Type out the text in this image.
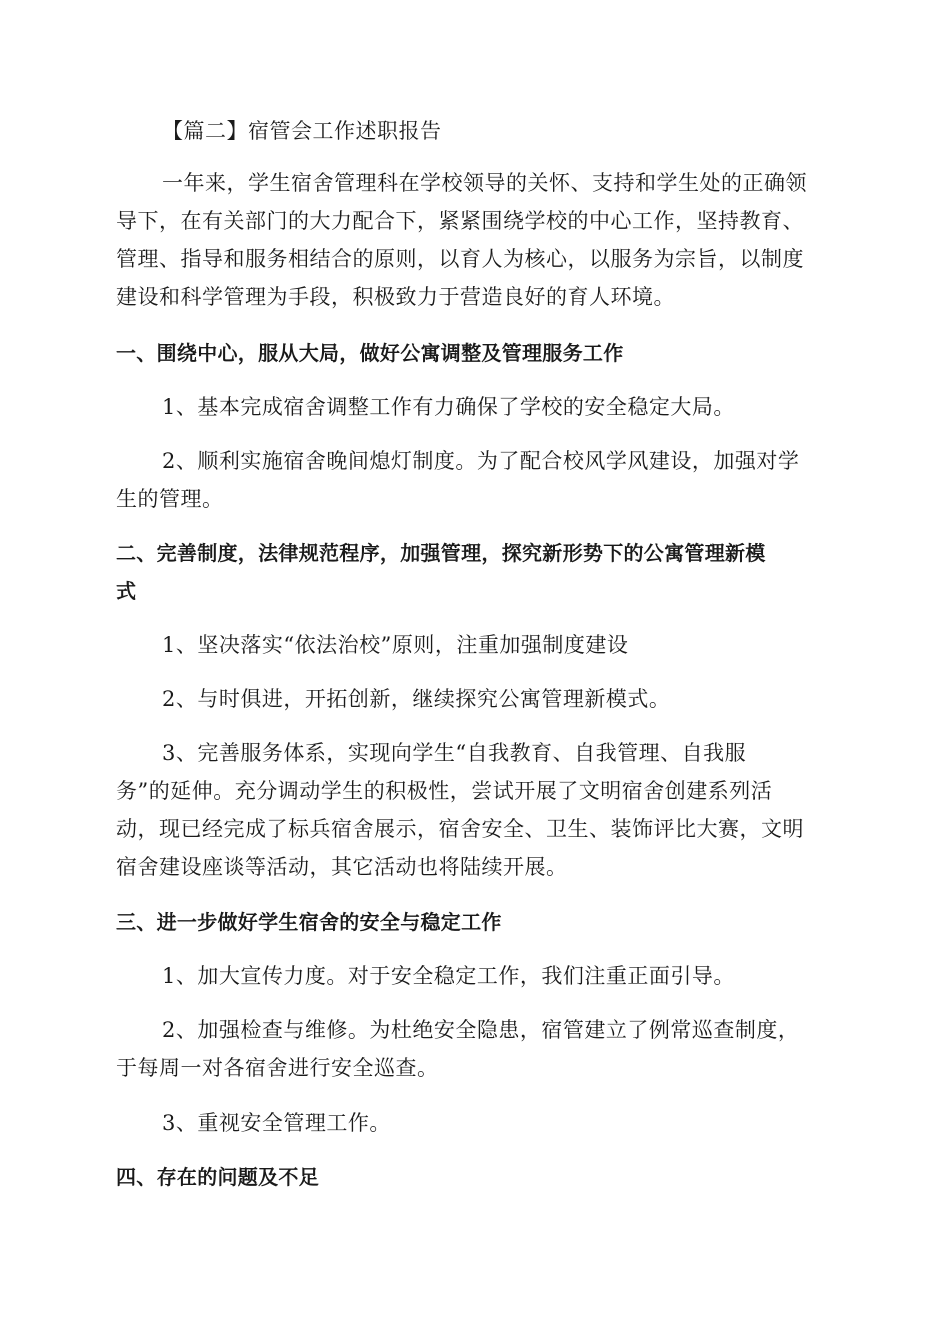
【篇二】宿管会工作述职报告

一年来，学生宿舍管理科在学校领导的关怀、支持和学生处的正确领
导下，在有关部门的大力配合下，紧紧围绕学校的中心工作，坚持教育、
管理、指导和服务相结合的原则，以育人为核心，以服务为宗旨，以制度
建设和科学管理为手段，积极致力于营造良好的育人环境。

一、围绕中心，服从大局，做好公寓调整及管理服务工作

1、基本完成宿舍调整工作有力确保了学校的安全稳定大局。

2、顺利实施宿舍晚间熄灯制度。为了配合校风学风建设，加强对学
生的管理。

二、完善制度，法律规范程序，加强管理，探究新形势下的公寓管理新模
式

1、坚决落实“依法治校”原则，注重加强制度建设

2、与时俱进，开拓创新，继续探究公寓管理新模式。

3、完善服务体系，实现向学生“自我教育、自我管理、自我服
务”的延伸。充分调动学生的积极性，尝试开展了文明宿舍创建系列活
动，现已经完成了标兵宿舍展示，宿舍安全、卫生、装饰评比大赛，文明
宿舍建设座谈等活动，其它活动也将陆续开展。

三、进一步做好学生宿舍的安全与稳定工作

1、加大宣传力度。对于安全稳定工作，我们注重正面引导。

2、加强检查与维修。为杜绝安全隐患，宿管建立了例常巡查制度，
于每周一对各宿舍进行安全巡查。

3、重视安全管理工作。

四、存在的问题及不足
